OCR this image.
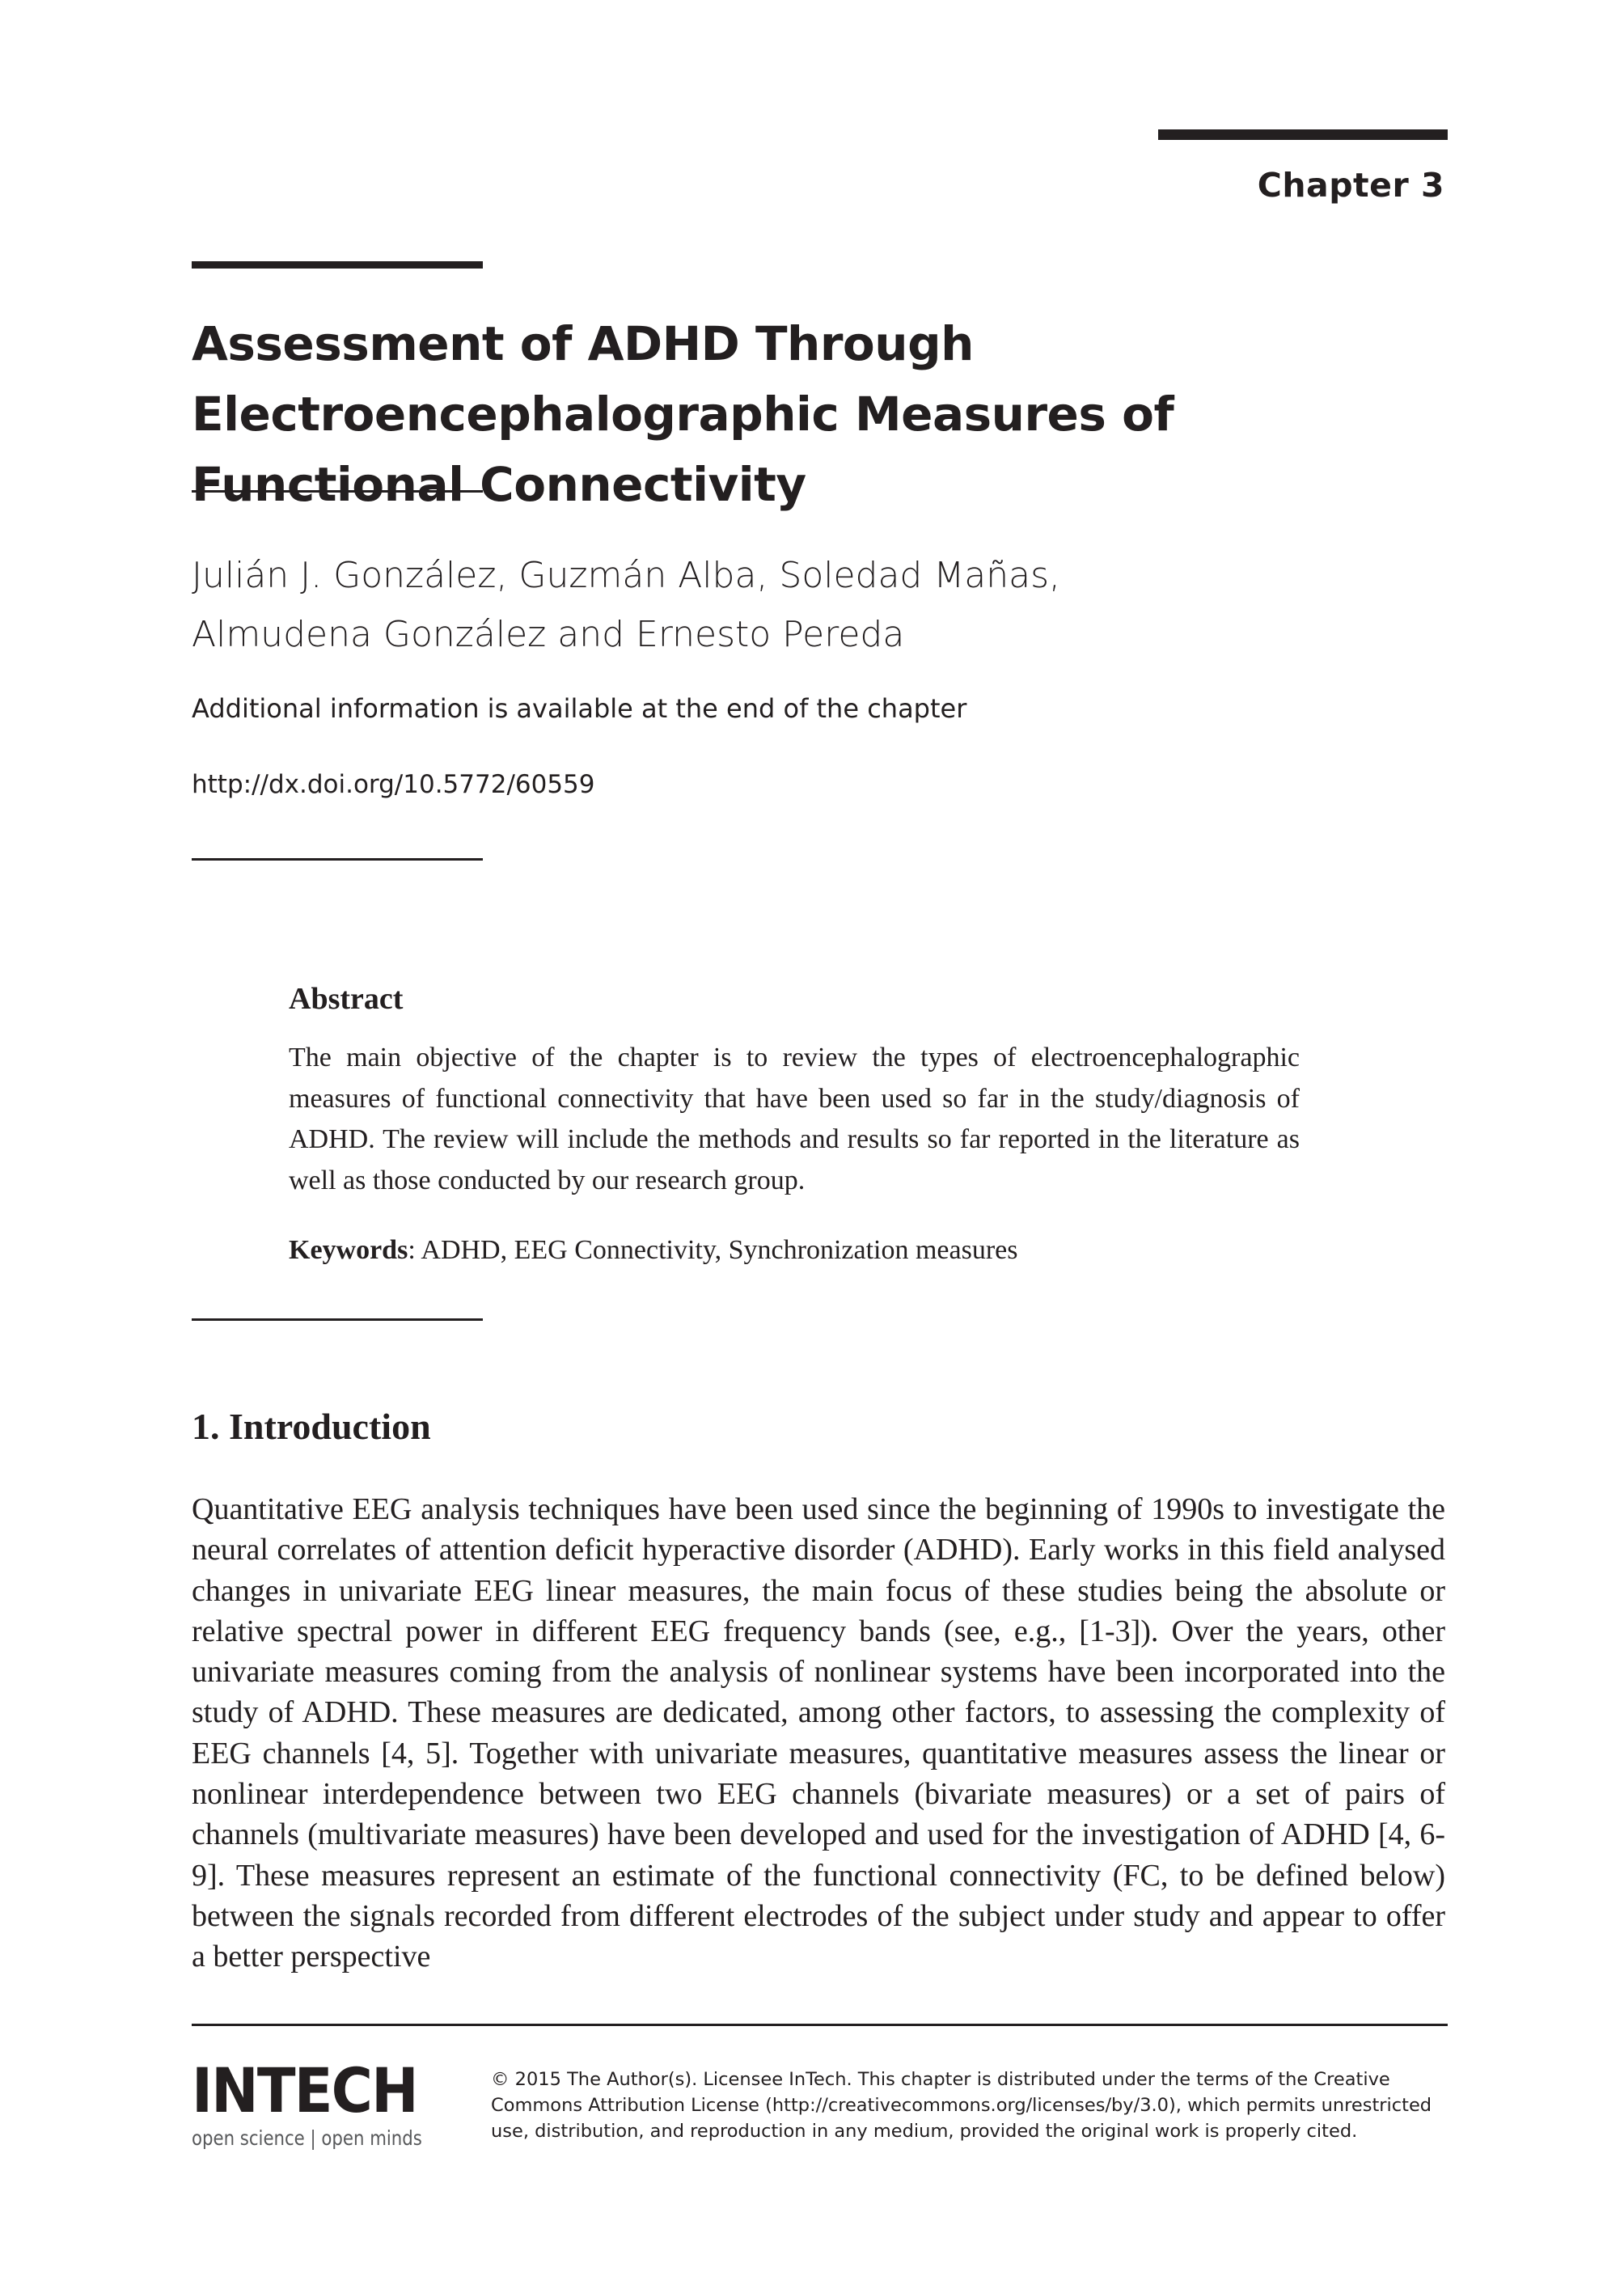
Chapter 3
Assessment of ADHD Through Electroencephalographic Measures of Functional Connectivity
Julián J. González, Guzmán Alba, Soledad Mañas,
Almudena González and Ernesto Pereda
Additional information is available at the end of the chapter
http://dx.doi.org/10.5772/60559
Abstract
The main objective of the chapter is to review the types of electroencephalographic measures of functional connectivity that have been used so far in the study/diagnosis of ADHD. The review will include the methods and results so far reported in the literature as well as those conducted by our research group.
Keywords: ADHD, EEG Connectivity, Synchronization measures
1. Introduction
Quantitative EEG analysis techniques have been used since the beginning of 1990s to investigate the neural correlates of attention deficit hyperactive disorder (ADHD). Early works in this field analysed changes in univariate EEG linear measures, the main focus of these studies being the absolute or relative spectral power in different EEG frequency bands (see, e.g., [1-3]). Over the years, other univariate measures coming from the analysis of nonlinear systems have been incorporated into the study of ADHD. These measures are dedicated, among other factors, to assessing the complexity of EEG channels [4, 5]. Together with univariate measures, quantitative measures assess the linear or nonlinear interdependence between two EEG channels (bivariate measures) or a set of pairs of channels (multivariate measures) have been developed and used for the investigation of ADHD [4, 6-9]. These measures represent an estimate of the functional connectivity (FC, to be defined below) between the signals recorded from different electrodes of the subject under study and appear to offer a better perspective
INTECH
open science | open minds
© 2015 The Author(s). Licensee InTech. This chapter is distributed under the terms of the Creative Commons Attribution License (http://creativecommons.org/licenses/by/3.0), which permits unrestricted use, distribution, and reproduction in any medium, provided the original work is properly cited.
